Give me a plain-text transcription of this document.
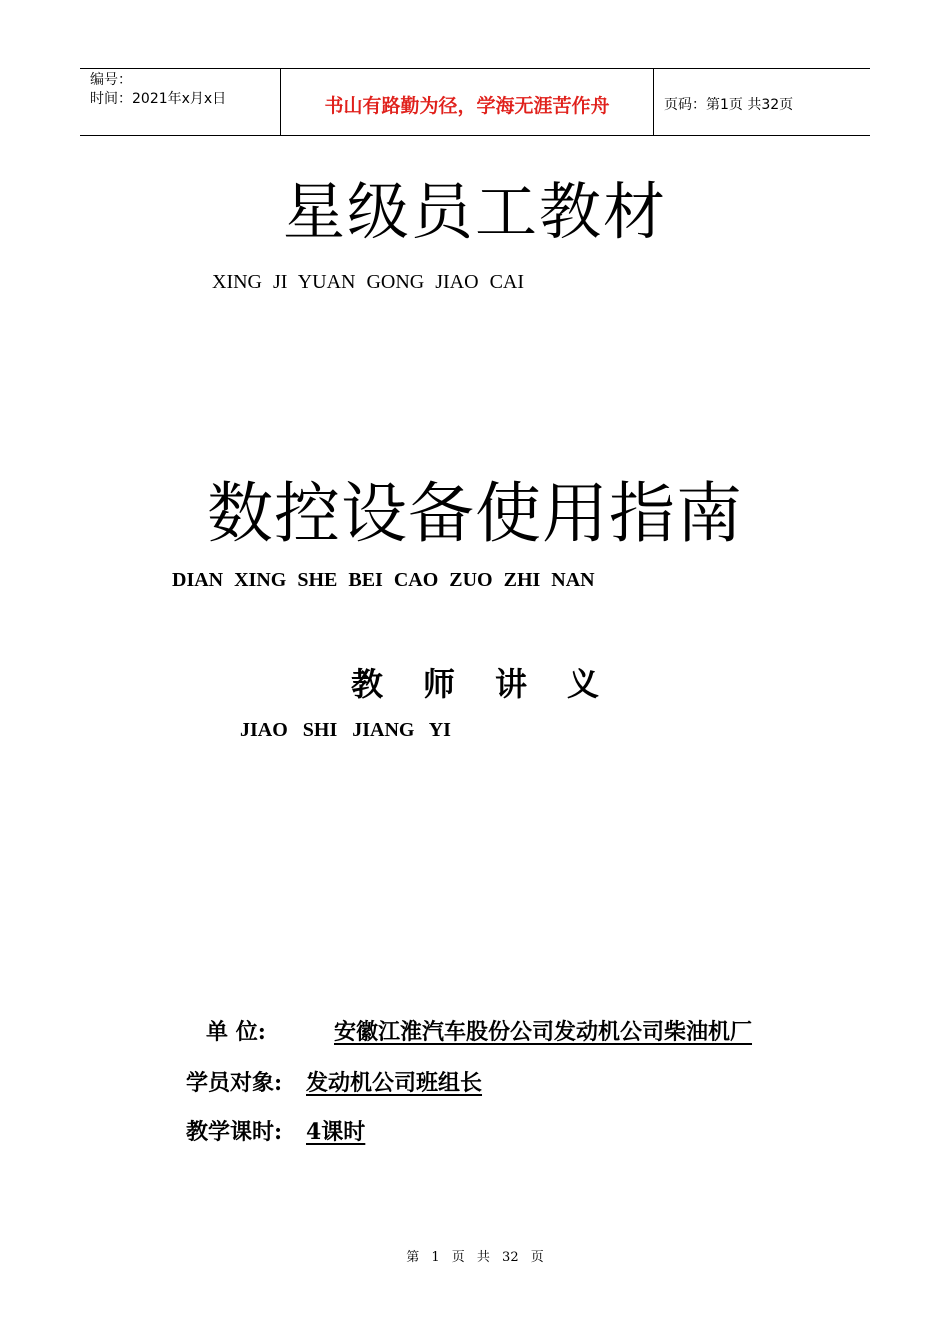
编号：
时间：2021年x月x日	书山有路勤为径，学海无涯苦作舟	页码：第1页 共32页
星级员工教材
XING JI YUAN GONG JIAO CAI
数控设备使用指南
DIAN XING SHE BEI CAO ZUO ZHI NAN
教师讲义
JIAO SHI JIANG YI
单 位:	安徽江淮汽车股份公司发动机公司柴油机厂
学员对象:	发动机公司班组长
教学课时:	4课时
第 1 页 共 32 页
